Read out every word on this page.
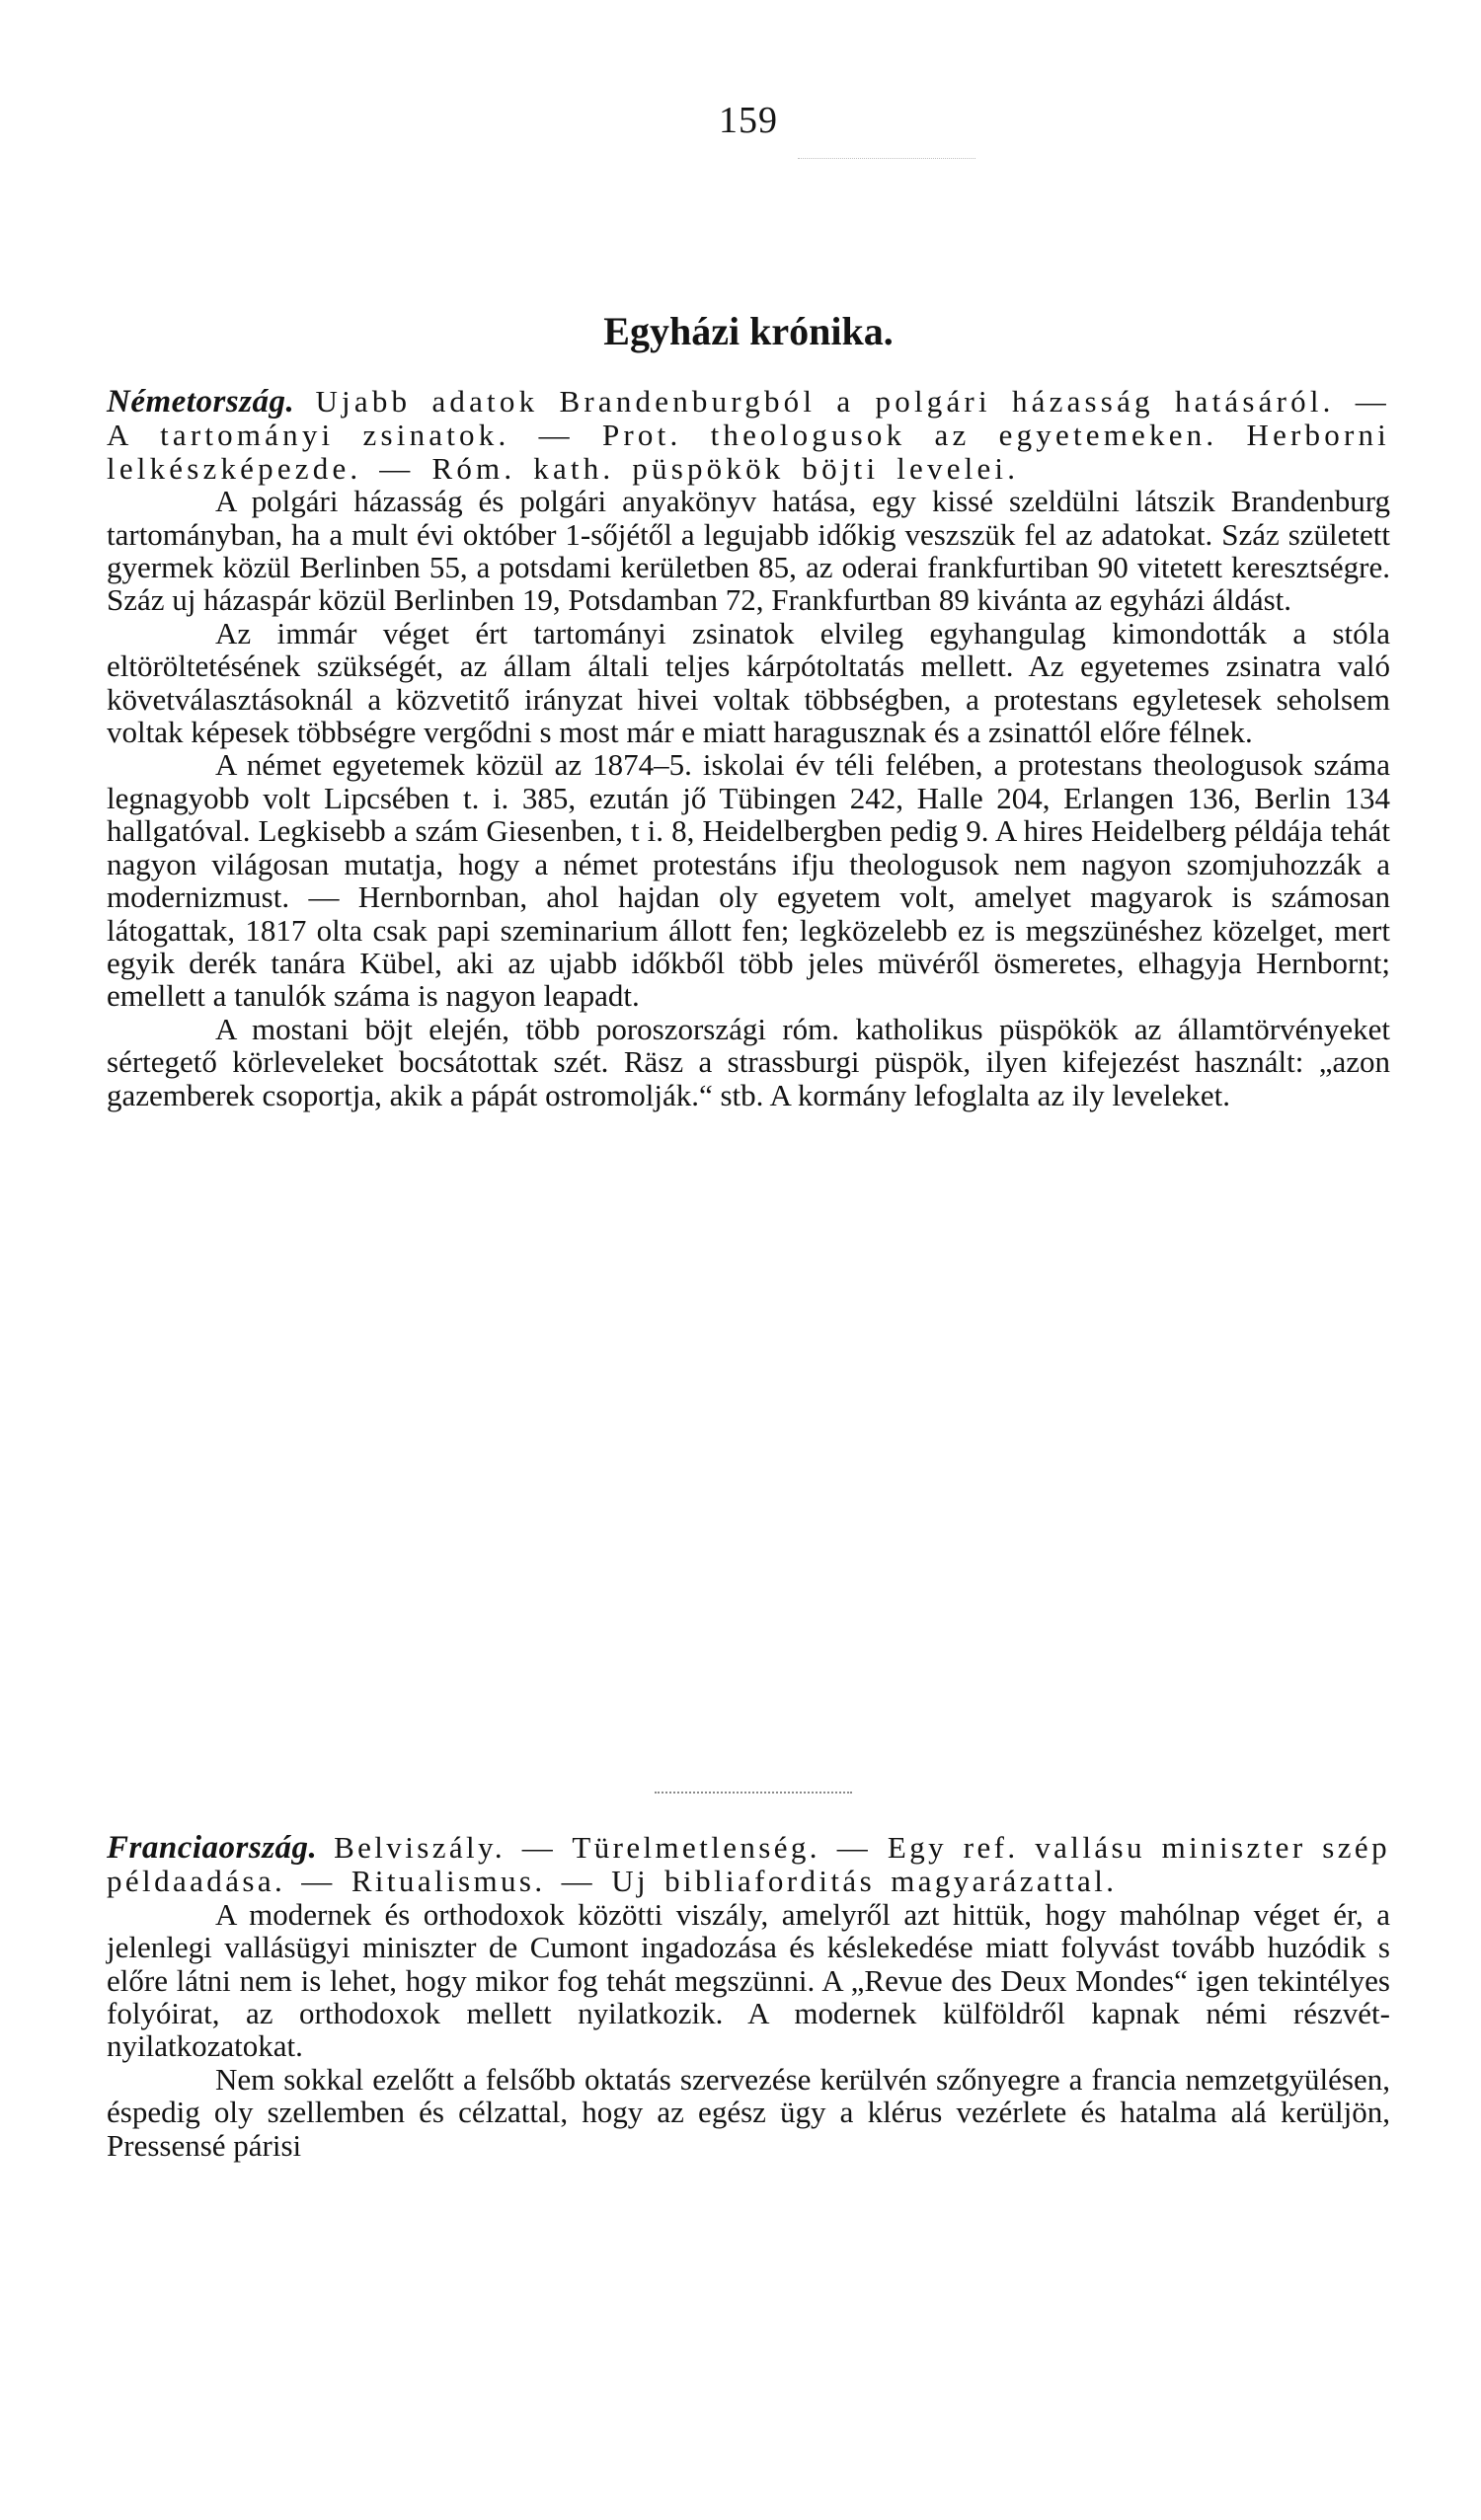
159
Egyházi krónika.
Németország. Ujabb adatok Brandenburgból a polgári házasság hatásáról. — A tartományi zsinatok. — Prot. theologusok az egyetemeken. Herborni lelkészképezde. — Róm. kath. püspökök böjti levelei.

A polgári házasság és polgári anyakönyv hatása, egy kissé szeldülni látszik Brandenburg tartományban, ha a mult évi október 1-sőjétől a legujabb időkig veszszük fel az adatokat. Száz született gyermek közül Berlinben 55, a potsdami kerületben 85, az oderai frankfurtiban 90 vitetett keresztségre. Száz uj házaspár közül Berlinben 19, Potsdamban 72, Frankfurtban 89 kivánta az egyházi áldást.

Az immár véget ért tartományi zsinatok elvileg egyhangulag kimondották a stóla eltöröltetésének szükségét, az állam általi teljes kárpótoltatás mellett. Az egyetemes zsinatra való követválasztásoknál a közvetitő irányzat hivei voltak többségben, a protestans egyletesek seholsem voltak képesek többségre vergődni s most már e miatt haragusznak és a zsinattól előre félnek.

A német egyetemek közül az 1874–5. iskolai év téli felében, a protestans theologusok száma legnagyobb volt Lipcsében t. i. 385, ezután jő Tübingen 242, Halle 204, Erlangen 136, Berlin 134 hallgatóval. Legkisebb a szám Giesenben, t i. 8, Heidelbergben pedig 9. A hires Heidelberg példája tehát nagyon világosan mutatja, hogy a német protestáns ifju theologusok nem nagyon szomjuhozzák a modernizmust. — Hernbornban, ahol hajdan oly egyetem volt, amelyet magyarok is számosan látogattak, 1817 olta csak papi szeminarium állott fen; legközelebb ez is megszünéshez közelget, mert egyik derék tanára Kübel, aki az ujabb időkből több jeles müvéről ösmeretes, elhagyja Hernbornt; emellett a tanulók száma is nagyon leapadt.

A mostani böjt elején, több poroszországi róm. katholikus püspökök az államtörvényeket sértegető körleveleket bocsátottak szét. Räsz a strassburgi püspök, ilyen kifejezést használt: „azon gazemberek csoportja, akik a pápát ostromolják.“ stb. A kormány lefoglalta az ily leveleket.

Franciaország. Belviszály. — Türelmetlenség. — Egy ref. vallásu miniszter szép példaadása. — Ritualismus. — Uj bibliaforditás magyarázattal.

A modernek és orthodoxok közötti viszály, amelyről azt hittük, hogy mahólnap véget ér, a jelenlegi vallásügyi miniszter de Cumont ingadozása és késlekedése miatt folyvást tovább huzódik s előre látni nem is lehet, hogy mikor fog tehát megszünni. A „Revue des Deux Mondes“ igen tekintélyes folyóirat, az orthodoxok mellett nyilatkozik. A modernek külföldről kapnak némi részvét-nyilatkozatokat.

Nem sokkal ezelőtt a felsőbb oktatás szervezése kerülvén szőnyegre a francia nemzetgyülésen, éspedig oly szellemben és célzattal, hogy az egész ügy a klérus vezérlete és hatalma alá kerüljön, Pressensé párisi
